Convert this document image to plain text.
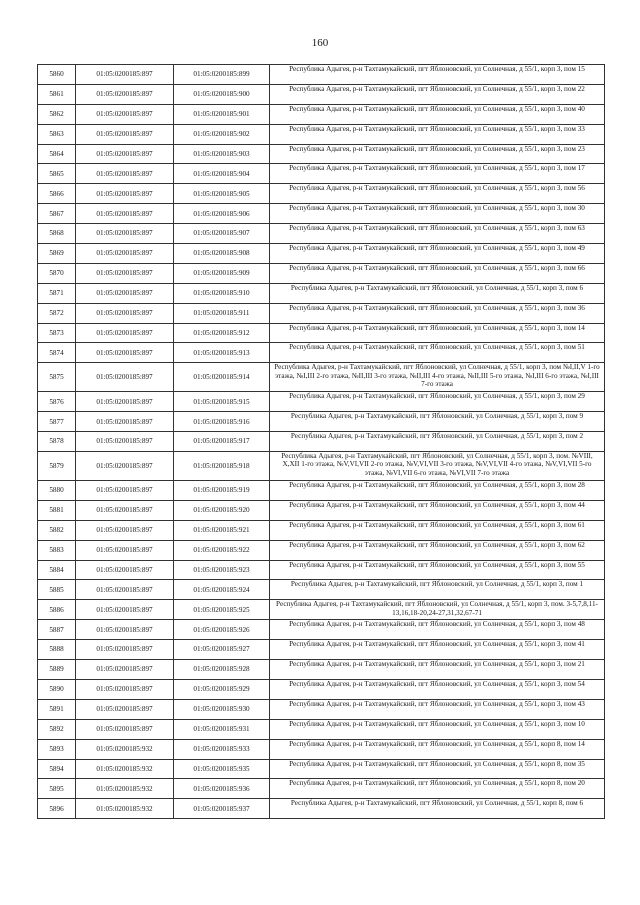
160
5860	01:05:0200185:897	01:05:0200185:899	Республика Адыгея, р-н Тахтамукайский, пгт Яблоновский, ул Солнечная, д 55/1, корп 3, пом 15
5861	01:05:0200185:897	01:05:0200185:900	Республика Адыгея, р-н Тахтамукайский, пгт Яблоновский, ул Солнечная, д 55/1, корп 3, пом 22
5862	01:05:0200185:897	01:05:0200185:901	Республика Адыгея, р-н Тахтамукайский, пгт Яблоновский, ул Солнечная, д 55/1, корп 3, пом 40
5863	01:05:0200185:897	01:05:0200185:902	Республика Адыгея, р-н Тахтамукайский, пгт Яблоновский, ул Солнечная, д 55/1, корп 3, пом 33
5864	01:05:0200185:897	01:05:0200185:903	Республика Адыгея, р-н Тахтамукайский, пгт Яблоновский, ул Солнечная, д 55/1, корп 3, пом 23
5865	01:05:0200185:897	01:05:0200185:904	Республика Адыгея, р-н Тахтамукайский, пгт Яблоновский, ул Солнечная, д 55/1, корп 3, пом 17
5866	01:05:0200185:897	01:05:0200185:905	Республика Адыгея, р-н Тахтамукайский, пгт Яблоновский, ул Солнечная, д 55/1, корп 3, пом 56
5867	01:05:0200185:897	01:05:0200185:906	Республика Адыгея, р-н Тахтамукайский, пгт Яблоновский, ул Солнечная, д 55/1, корп 3, пом 30
5868	01:05:0200185:897	01:05:0200185:907	Республика Адыгея, р-н Тахтамукайский, пгт Яблоновский, ул Солнечная, д 55/1, корп 3, пом 63
5869	01:05:0200185:897	01:05:0200185:908	Республика Адыгея, р-н Тахтамукайский, пгт Яблоновский, ул Солнечная, д 55/1, корп 3, пом 49
5870	01:05:0200185:897	01:05:0200185:909	Республика Адыгея, р-н Тахтамукайский, пгт Яблоновский, ул Солнечная, д 55/1, корп 3, пом 66
5871	01:05:0200185:897	01:05:0200185:910	Республика Адыгея, р-н Тахтамукайский, пгт Яблоновский, ул Солнечная, д 55/1, корп 3, пом 6
5872	01:05:0200185:897	01:05:0200185:911	Республика Адыгея, р-н Тахтамукайский, пгт Яблоновский, ул Солнечная, д 55/1, корп 3, пом 36
5873	01:05:0200185:897	01:05:0200185:912	Республика Адыгея, р-н Тахтамукайский, пгт Яблоновский, ул Солнечная, д 55/1, корп 3, пом 14
5874	01:05:0200185:897	01:05:0200185:913	Республика Адыгея, р-н Тахтамукайский, пгт Яблоновский, ул Солнечная, д 55/1, корп 3, пом 51
5875	01:05:0200185:897	01:05:0200185:914	Республика Адыгея, р-н Тахтамукайский, пгт Яблоновский, ул Солнечная, д 55/1, корп 3, пом №I,II,V 1-го этажа, №I,III 2-го этажа, №II,III 3-го этажа, №II,III 4-го этажа, №II,III 5-го этажа, №I,III 6-го этажа, №I,III 7-го этажа
5876	01:05:0200185:897	01:05:0200185:915	Республика Адыгея, р-н Тахтамукайский, пгт Яблоновский, ул Солнечная, д 55/1, корп 3, пом 29
5877	01:05:0200185:897	01:05:0200185:916	Республика Адыгея, р-н Тахтамукайский, пгт Яблоновский, ул Солнечная, д 55/1, корп 3, пом 9
5878	01:05:0200185:897	01:05:0200185:917	Республика Адыгея, р-н Тахтамукайский, пгт Яблоновский, ул Солнечная, д 55/1, корп 3, пом 2
5879	01:05:0200185:897	01:05:0200185:918	Республика Адыгея, р-н Тахтамукайский, пгт Яблоновский, ул Солнечная, д 55/1, корп 3, пом. №VIII, X,XII 1-го этажа, №V,VI,VII 2-го этажа, №V,VI,VII 3-го этажа, №V,VI,VII 4-го этажа, №V,VI,VII 5-го этажа, №VI,VII 6-го этажа, №VI,VII 7-го этажа
5880	01:05:0200185:897	01:05:0200185:919	Республика Адыгея, р-н Тахтамукайский, пгт Яблоновский, ул Солнечная, д 55/1, корп 3, пом 28
5881	01:05:0200185:897	01:05:0200185:920	Республика Адыгея, р-н Тахтамукайский, пгт Яблоновский, ул Солнечная, д 55/1, корп 3, пом 44
5882	01:05:0200185:897	01:05:0200185:921	Республика Адыгея, р-н Тахтамукайский, пгт Яблоновский, ул Солнечная, д 55/1, корп 3, пом 61
5883	01:05:0200185:897	01:05:0200185:922	Республика Адыгея, р-н Тахтамукайский, пгт Яблоновский, ул Солнечная, д 55/1, корп 3, пом 62
5884	01:05:0200185:897	01:05:0200185:923	Республика Адыгея, р-н Тахтамукайский, пгт Яблоновский, ул Солнечная, д 55/1, корп 3, пом 55
5885	01:05:0200185:897	01:05:0200185:924	Республика Адыгея, р-н Тахтамукайский, пгт Яблоновский, ул Солнечная, д 55/1, корп 3, пом 1
5886	01:05:0200185:897	01:05:0200185:925	Республика Адыгея, р-н Тахтамукайский, пгт Яблоновский, ул Солнечная, д 55/1, корп 3, пом. 3-5,7,8,11-13,16,18-20,24-27,31,32,67-71
5887	01:05:0200185:897	01:05:0200185:926	Республика Адыгея, р-н Тахтамукайский, пгт Яблоновский, ул Солнечная, д 55/1, корп 3, пом 48
5888	01:05:0200185:897	01:05:0200185:927	Республика Адыгея, р-н Тахтамукайский, пгт Яблоновский, ул Солнечная, д 55/1, корп 3, пом 41
5889	01:05:0200185:897	01:05:0200185:928	Республика Адыгея, р-н Тахтамукайский, пгт Яблоновский, ул Солнечная, д 55/1, корп 3, пом 21
5890	01:05:0200185:897	01:05:0200185:929	Республика Адыгея, р-н Тахтамукайский, пгт Яблоновский, ул Солнечная, д 55/1, корп 3, пом 54
5891	01:05:0200185:897	01:05:0200185:930	Республика Адыгея, р-н Тахтамукайский, пгт Яблоновский, ул Солнечная, д 55/1, корп 3, пом 43
5892	01:05:0200185:897	01:05:0200185:931	Республика Адыгея, р-н Тахтамукайский, пгт Яблоновский, ул Солнечная, д 55/1, корп 3, пом 10
5893	01:05:0200185:932	01:05:0200185:933	Республика Адыгея, р-н Тахтамукайский, пгт Яблоновский, ул Солнечная, д 55/1, корп 8, пом 14
5894	01:05:0200185:932	01:05:0200185:935	Республика Адыгея, р-н Тахтамукайский, пгт Яблоновский, ул Солнечная, д 55/1, корп 8, пом 35
5895	01:05:0200185:932	01:05:0200185:936	Республика Адыгея, р-н Тахтамукайский, пгт Яблоновский, ул Солнечная, д 55/1, корп 8, пом 20
5896	01:05:0200185:932	01:05:0200185:937	Республика Адыгея, р-н Тахтамукайский, пгт Яблоновский, ул Солнечная, д 55/1, корп 8, пом 6
